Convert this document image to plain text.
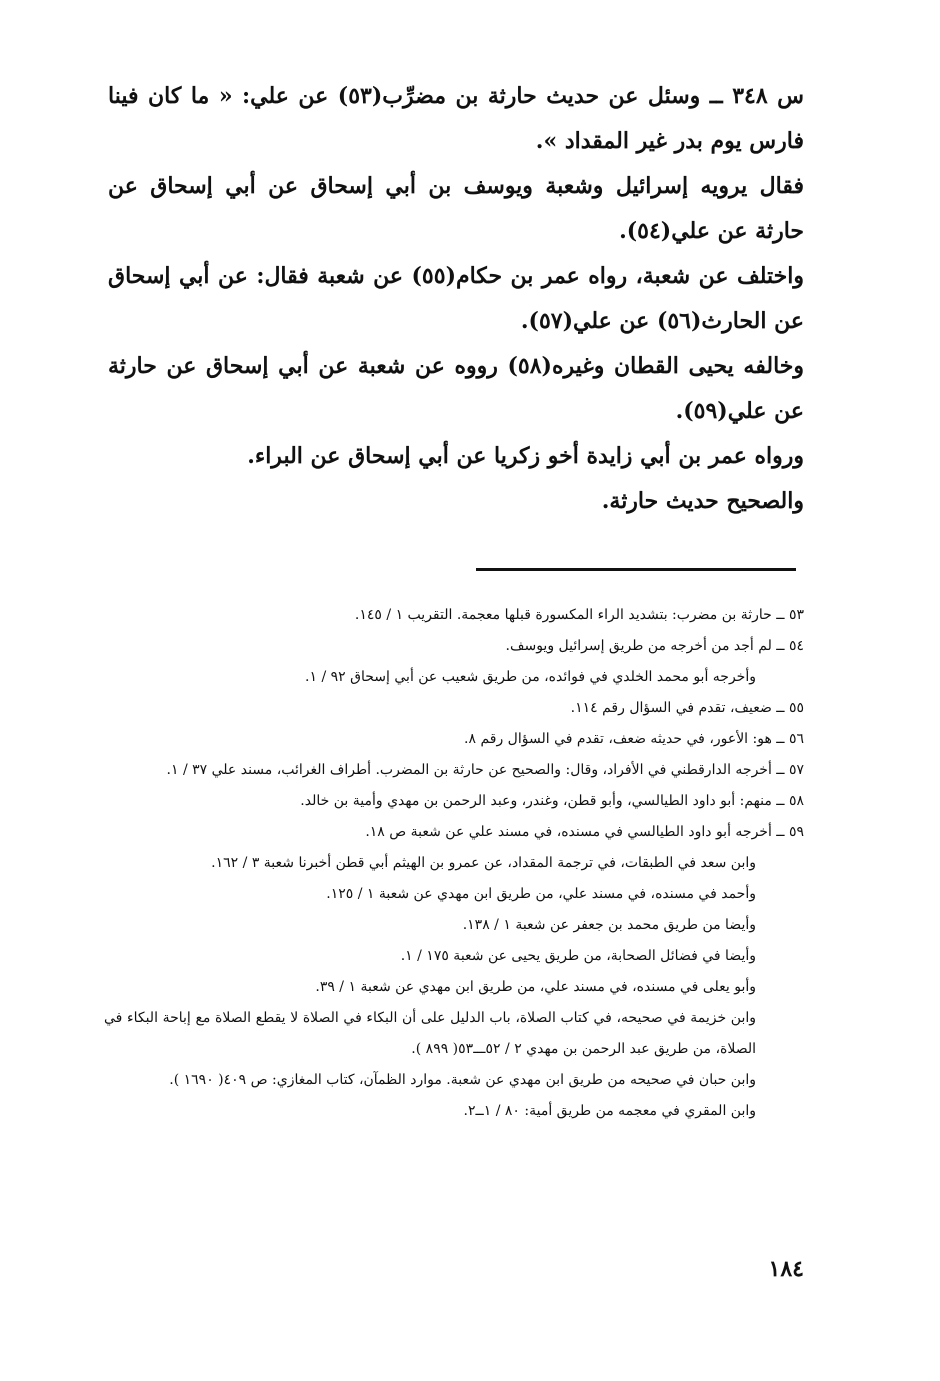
س ٣٤٨ ــ وسئل عن حديث حارثة بن مضرِّب(٥٣) عن علي: « ما كان فينا فارس يوم بدر غير المقداد ».

فقال يرويه إسرائيل وشعبة ويوسف بن أبي إسحاق عن أبي إسحاق عن حارثة عن علي(٥٤).

واختلف عن شعبة، رواه عمر بن حكام(٥٥) عن شعبة فقال: عن أبي إسحاق عن الحارث(٥٦) عن علي(٥٧).

وخالفه يحيى القطان وغيره(٥٨) رووه عن شعبة عن أبي إسحاق عن حارثة عن علي(٥٩).

ورواه عمر بن أبي زايدة أخو زكريا عن أبي إسحاق عن البراء.

والصحيح حديث حارثة.

٥٣ ــ حارثة بن مضرب: بتشديد الراء المكسورة قبلها معجمة. التقريب ١ / ١٤٥.

٥٤ ــ لم أجد من أخرجه من طريق إسرائيل ويوسف.

وأخرجه أبو محمد الخلدي في فوائده، من طريق شعيب عن أبي إسحاق ٩٢ / ١.

٥٥ ــ ضعيف، تقدم في السؤال رقم ١١٤.

٥٦ ــ هو: الأعور، في حديثه ضعف، تقدم في السؤال رقم ٨.

٥٧ ــ أخرجه الدارقطني في الأفراد، وقال: والصحيح عن حارثة بن المضرب. أطراف الغرائب، مسند علي ٣٧ / ١.

٥٨ ــ منهم: أبو داود الطيالسي، وأبو قطن، وغندر، وعبد الرحمن بن مهدي وأمية بن خالد.

٥٩ ــ أخرجه أبو داود الطيالسي في مسنده، في مسند علي عن شعبة ص ١٨.

وابن سعد في الطبقات، في ترجمة المقداد، عن عمرو بن الهيثم أبي قطن أخبرنا شعبة ٣ / ١٦٢.

وأحمد في مسنده، في مسند علي، من طريق ابن مهدي عن شعبة ١ / ١٢٥.

وأيضا من طريق محمد بن جعفر عن شعبة ١ / ١٣٨.

وأيضا في فضائل الصحابة، من طريق يحيى عن شعبة ١٧٥ / ١.

وأبو يعلى في مسنده، في مسند علي، من طريق ابن مهدي عن شعبة ١ / ٣٩.

وابن خزيمة في صحيحه، في كتاب الصلاة، باب الدليل على أن البكاء في الصلاة لا يقطع الصلاة مع إباحة البكاء في الصلاة، من طريق عبد الرحمن بن مهدي ٢ / ٥٢ـــ٥٣( ٨٩٩ ).

وابن حبان في صحيحه من طريق ابن مهدي عن شعبة. موارد الظمآن، كتاب المغازي: ص ٤٠٩( ١٦٩٠ ).

وابن المقري في معجمه من طريق أمية: ٨٠ / ١ــ٢.

١٨٤
